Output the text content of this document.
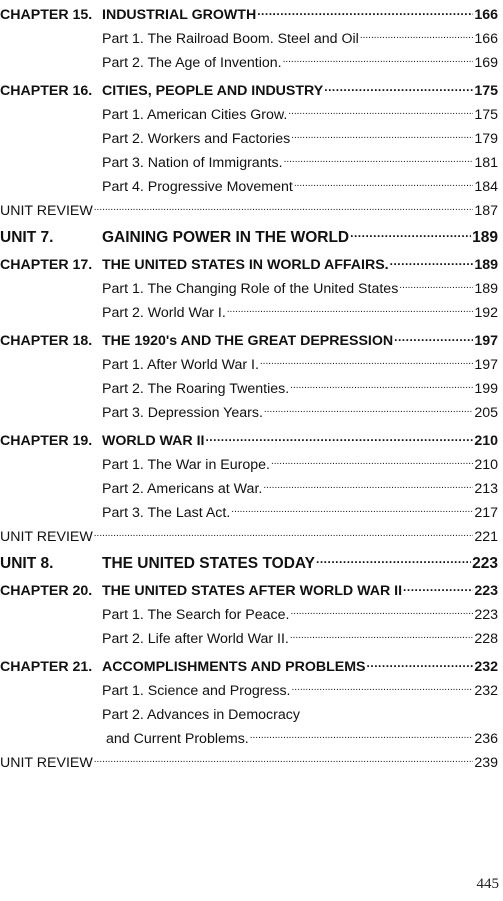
CHAPTER 15. INDUSTRIAL GROWTH .....	166
Part 1. The Railroad Boom. Steel and Oil .....	166
Part 2. The Age of Invention. .....	169
CHAPTER 16. CITIES, PEOPLE AND INDUSTRY .....	175
Part 1. American Cities Grow. .....	175
Part 2. Workers and Factories .....	179
Part 3. Nation of Immigrants. .....	181
Part 4. Progressive Movement .....	184
UNIT REVIEW .....	187
UNIT 7.	GAINING POWER IN THE WORLD .....	189
CHAPTER 17. THE UNITED STATES IN WORLD AFFAIRS. .....	189
Part 1. The Changing Role of the United States .....	189
Part 2. World War I. .....	192
CHAPTER 18. THE 1920's AND THE GREAT DEPRESSION .....	197
Part 1. After World War I. .....	197
Part 2. The Roaring Twenties. .....	199
Part 3. Depression Years. .....	205
CHAPTER 19. WORLD WAR II .....	210
Part 1. The War in Europe. .....	210
Part 2. Americans at War. .....	213
Part 3. The Last Act. .....	217
UNIT REVIEW .....	221
UNIT 8.	THE UNITED STATES TODAY .....	223
CHAPTER 20. THE UNITED STATES AFTER WORLD WAR II .....	223
Part 1. The Search for Peace. .....	223
Part 2. Life after World War II. .....	228
CHAPTER 21. ACCOMPLISHMENTS AND PROBLEMS .....	232
Part 1. Science and Progress. .....	232
Part 2. Advances in Democracy
and Current Problems. .....	236
UNIT REVIEW .....	239
445
